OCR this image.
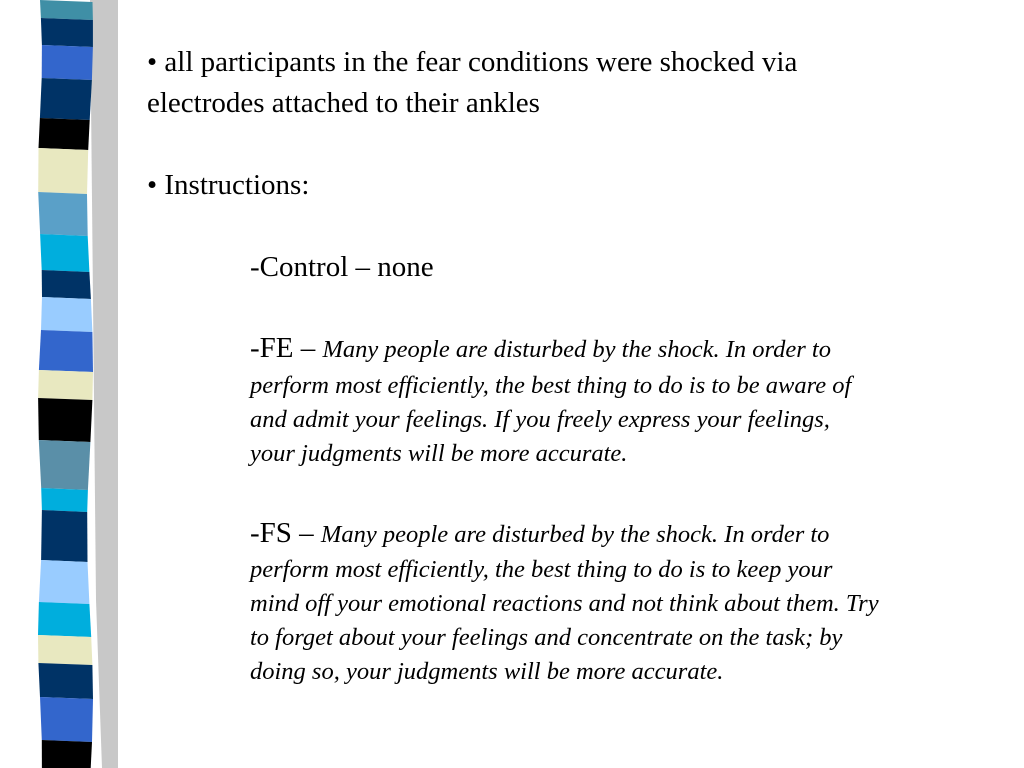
• all participants in the fear conditions were shocked via
electrodes attached to their ankles
• Instructions:
-Control – none
-FE – Many people are disturbed by the shock. In order to
perform most efficiently, the best thing to do is to be aware of
and admit your feelings. If you freely express your feelings,
your judgments will be more accurate.
-FS – Many people are disturbed by the shock. In order to
perform most efficiently, the best thing to do is to keep your
mind off your emotional reactions and not think about them. Try
to forget about your feelings and concentrate on the task; by
doing so, your judgments will be more accurate.
